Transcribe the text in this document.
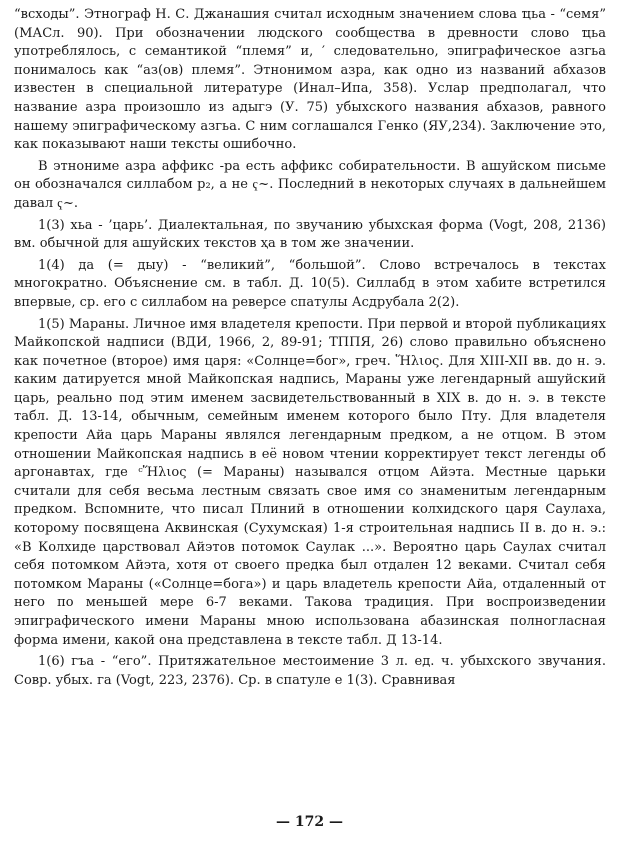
“всходы”. Этнограф Н. С. Джанашия считал исходным значением слова ҵьа - “семя” (МАСл. 90). При обозначении людского сообщества в древности слово ҵьа употреблялось, с семантикой “племя” и, ′ следовательно, эпиграфическое азгьа понималось как “аз(ов) племя”. Этнонимом азра, как одно из названий абхазов известен в специальной литературе (Инал–Ипа, 358). Услар предполагал, что название азра произошло из адыгэ (У. 75) убыхского названия абхазов, равного нашему эпиграфическому азгьа. С ним соглашался Генко (ЯУ,234). Заключение это, как показывают наши тексты ошибочно.

В этнониме азра аффикс -ра есть аффикс собирательности. В ашуйском письме он обозначался силлабом р₂, а не ҁ~. Последний в некоторых случаях в дальнейшем давал ҁ~.

1(3) хьа - ’царь’. Диалектальная, по звучанию убыхская форма (Vogt, 208, 2136) вм. обычной для ашуйских текстов ҳа в том же значении.

1(4) да (= дыу) - “великий”, “большой”. Слово встречалось в текстах многократно. Объяснение см. в табл. Д. 10(5). Силлабд в этом хабите встретился впервые, ср. его с силлабом на реверсе спатулы Асдрубала 2(2).

1(5) Мараны. Личное имя владетеля крепости. При первой и второй публикациях Майкопской надписи (ВДИ, 1966, 2, 89-91; ТППЯ, 26) слово правильно объяснено как почетное (второе) имя царя: «Солнце=бог», греч. Ἥλιος. Для XIII-XII вв. до н. э. каким датируется мной Майкопская надпись, Мараны уже легендарный ашуйский царь, реально под этим именем засвидетельствованный в XIX в. до н. э. в тексте табл. Д. 13-14, обычным, семейным именем которого было Пту. Для владетеля крепости Айа царь Мараны являлся легендарным предком, а не отцом. В этом отношении Майкопская надпись в её новом чтении корректирует текст легенды об аргонавтах, где ᶜἭλιος (= Мараны) назывался отцом Айэта. Местные царьки считали для себя весьма лестным связать свое имя со знаменитым легендарным предком. Вспомните, что писал Плиний в отношении колхидского царя Саулаха, которому посвящена Аквинская (Сухумская) 1-я строительная надпись II в. до н. э.: «В Колхиде царствовал Айэтов потомок Саулак ...». Вероятно царь Саулах считал себя потомком Айэта, хотя от своего предка был отдален 12 веками. Считал себя потомком Мараны («Солнце=бога») и царь владетель крепости Айа, отдаленный от него по меньшей мере 6-7 веками. Такова традиция. При воспроизведении эпиграфического имени Мараны мною использована абазинская полногласная форма имени, какой она представлена в тексте табл. Д 13-14.

1(6) гъа - “его”. Притяжательное местоимение 3 л. ед. ч. убыхского звучания. Совр. убых. га (Vogt, 223, 2376). Ср. в спатуле е 1(3). Сравнивая

— 172 —
